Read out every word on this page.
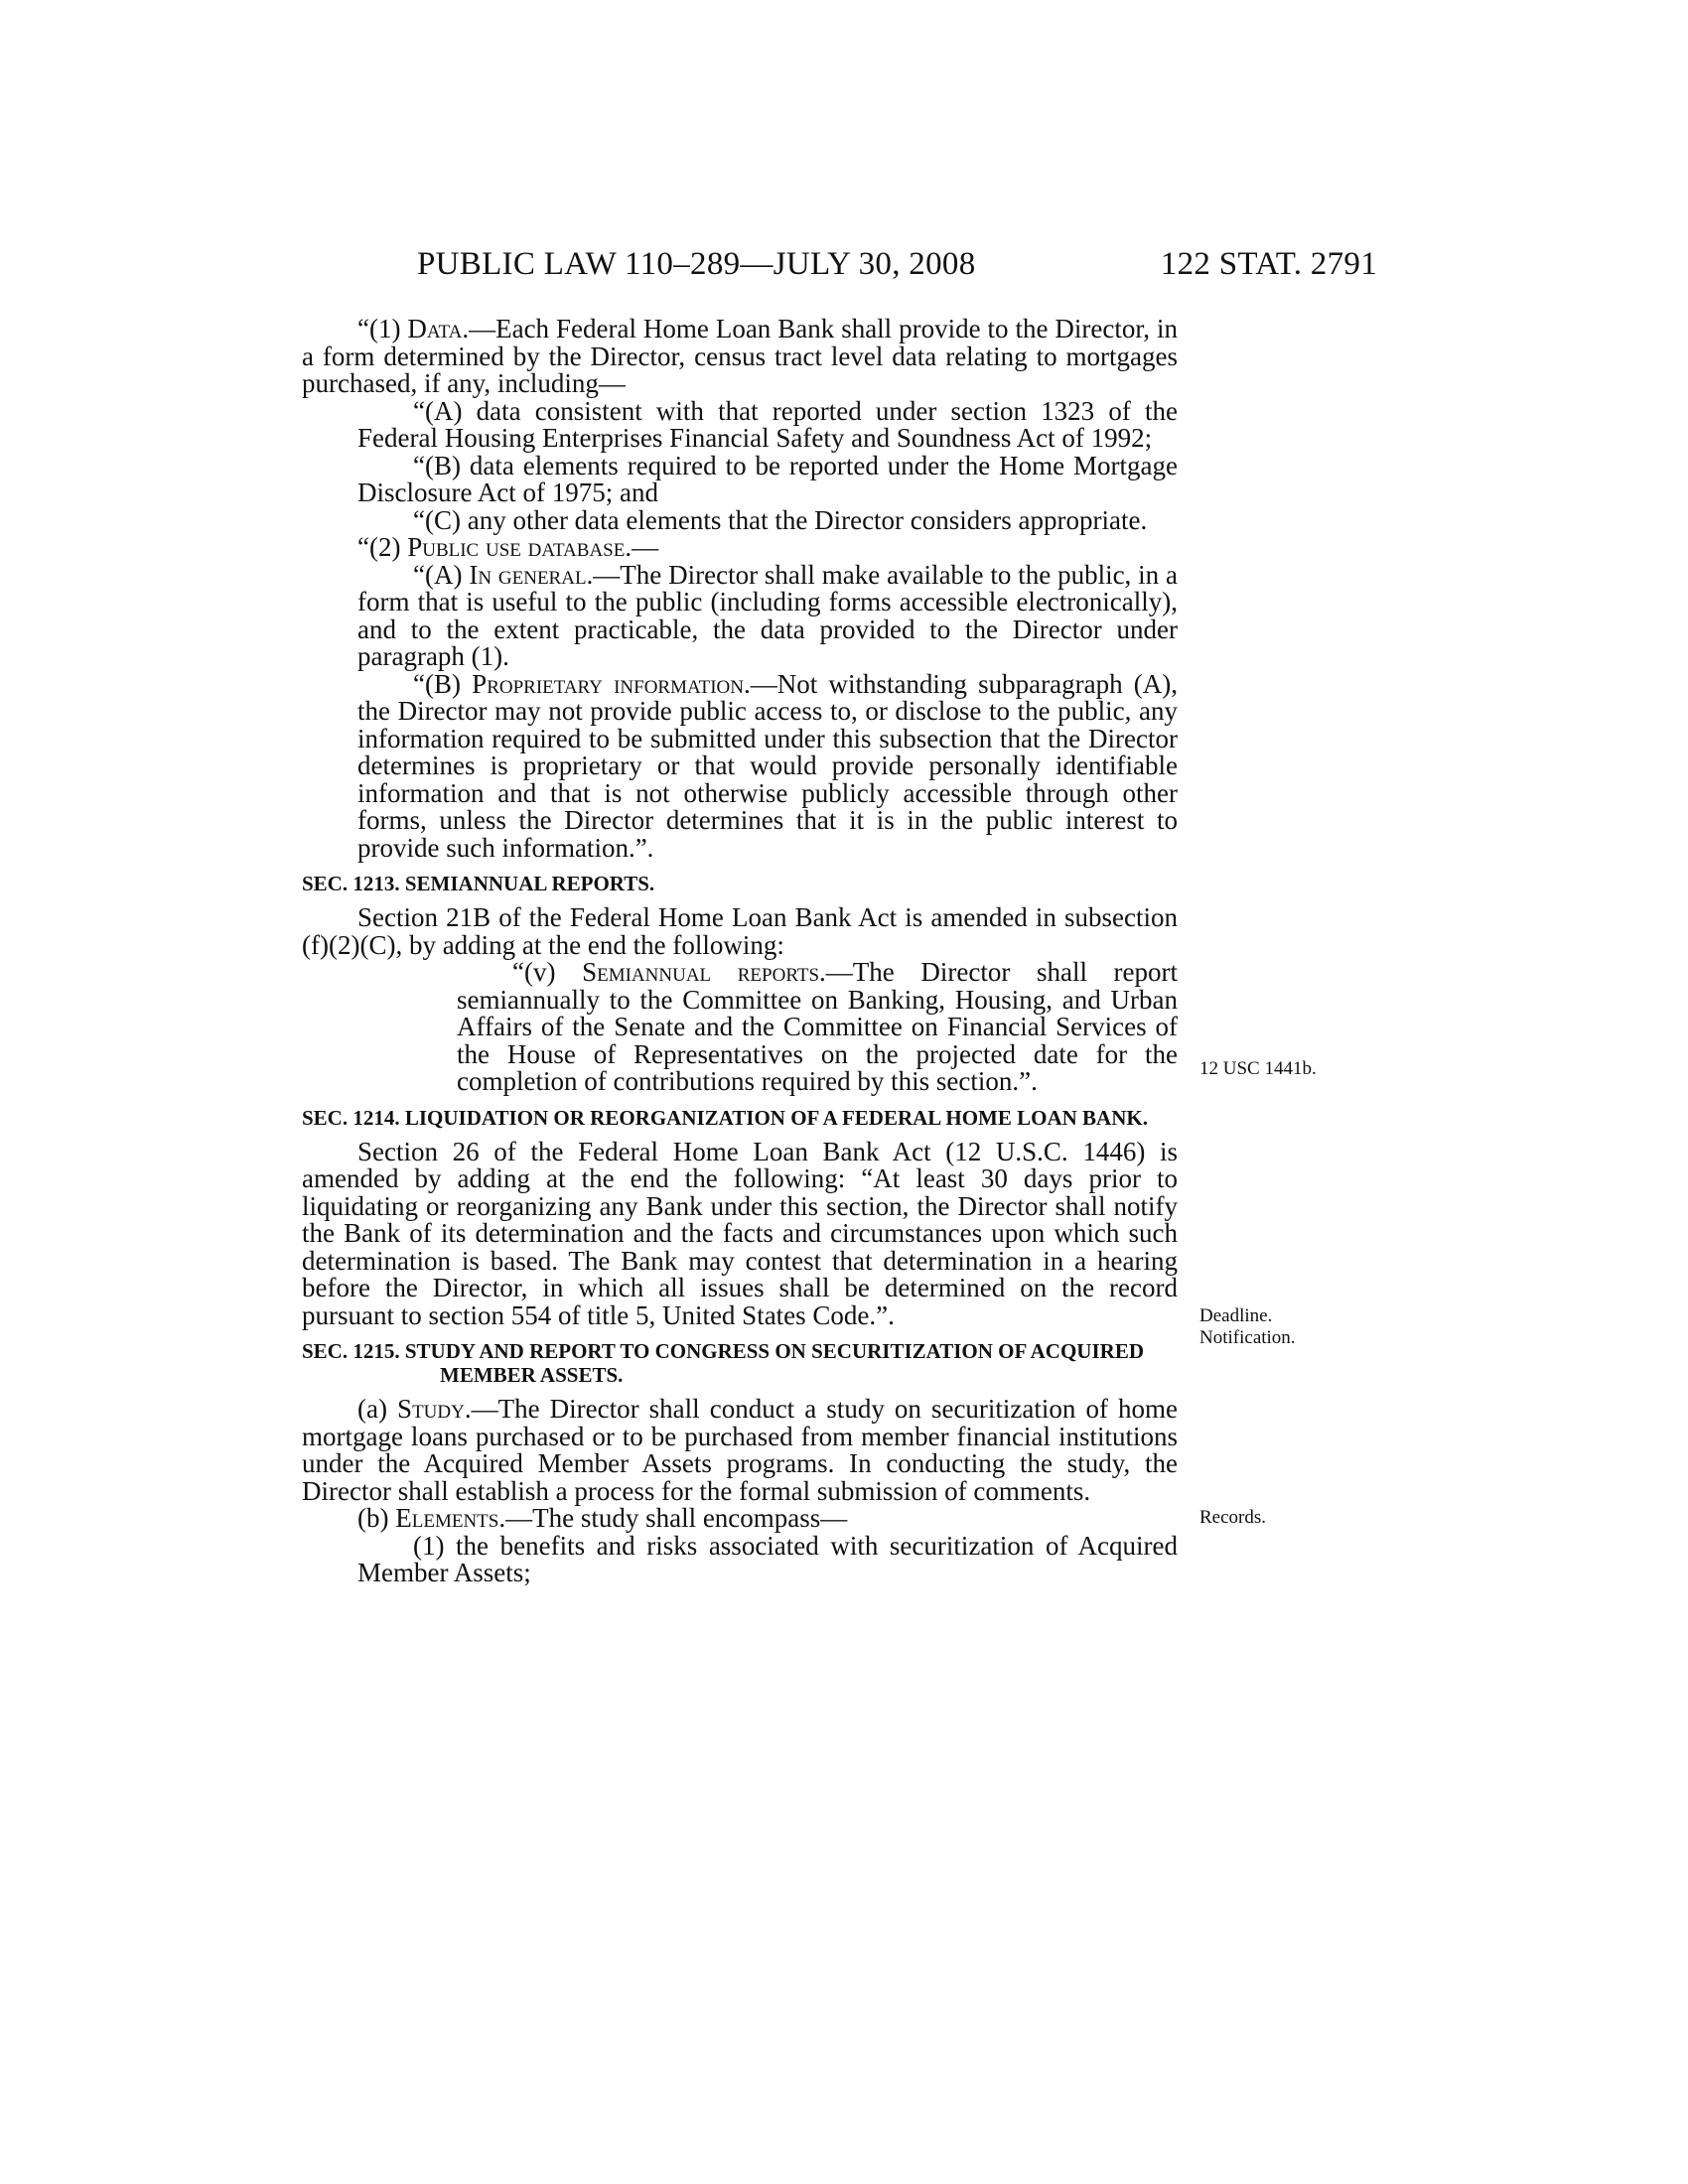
PUBLIC LAW 110–289—JULY 30, 2008	122 STAT. 2791

“(1) Data.—Each Federal Home Loan Bank shall provide to the Director, in a form determined by the Director, census tract level data relating to mortgages purchased, if any, including—

“(A) data consistent with that reported under section 1323 of the Federal Housing Enterprises Financial Safety and Soundness Act of 1992;

“(B) data elements required to be reported under the Home Mortgage Disclosure Act of 1975; and

“(C) any other data elements that the Director considers appropriate.

“(2) Public use database.—

“(A) In general.—The Director shall make available to the public, in a form that is useful to the public (including forms accessible electronically), and to the extent practicable, the data provided to the Director under paragraph (1).

“(B) Proprietary information.—Not withstanding subparagraph (A), the Director may not provide public access to, or disclose to the public, any information required to be submitted under this subsection that the Director determines is proprietary or that would provide personally identifiable information and that is not otherwise publicly accessible through other forms, unless the Director determines that it is in the public interest to provide such information.”.

SEC. 1213. SEMIANNUAL REPORTS.

Section 21B of the Federal Home Loan Bank Act is amended in subsection (f)(2)(C), by adding at the end the following:

“(v) Semiannual reports.—The Director shall report semiannually to the Committee on Banking, Housing, and Urban Affairs of the Senate and the Committee on Financial Services of the House of Representatives on the projected date for the completion of contributions required by this section.”.

SEC. 1214. LIQUIDATION OR REORGANIZATION OF A FEDERAL HOME LOAN BANK.

Section 26 of the Federal Home Loan Bank Act (12 U.S.C. 1446) is amended by adding at the end the following: “At least 30 days prior to liquidating or reorganizing any Bank under this section, the Director shall notify the Bank of its determination and the facts and circumstances upon which such determination is based. The Bank may contest that determination in a hearing before the Director, in which all issues shall be determined on the record pursuant to section 554 of title 5, United States Code.”.

SEC. 1215. STUDY AND REPORT TO CONGRESS ON SECURITIZATION OF ACQUIRED MEMBER ASSETS.

(a) Study.—The Director shall conduct a study on securitization of home mortgage loans purchased or to be purchased from member financial institutions under the Acquired Member Assets programs. In conducting the study, the Director shall establish a process for the formal submission of comments.

(b) Elements.—The study shall encompass—

(1) the benefits and risks associated with securitization of Acquired Member Assets;

12 USC 1441b.
Deadline.
Notification.
Records.
